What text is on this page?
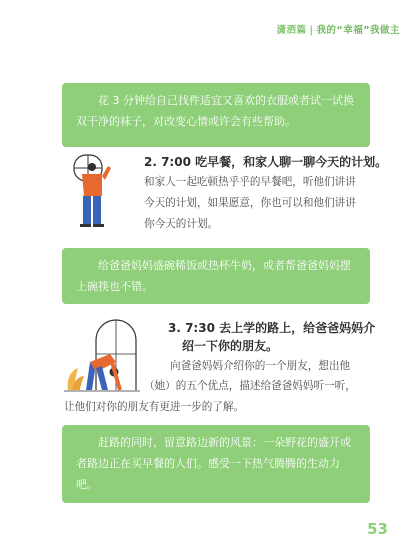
潇洒篇 | 我的“幸福”我做主
花 3 分钟给自己找件适宜又喜欢的衣服或者试一试换双干净的袜子，对改变心情或许会有些帮助。
2. 7:00 吃早餐，和家人聊一聊今天的计划。
和家人一起吃顿热乎乎的早餐吧，听他们讲讲今天的计划，如果愿意，你也可以和他们讲讲你今天的计划。
给爸爸妈妈盛碗稀饭或热杯牛奶，或者帮爸爸妈妈摆上碗筷也不错。
3. 7:30 去上学的路上，给爸爸妈妈介
绍一下你的朋友。
向爸爸妈妈介绍你的一个朋友，想出他
（她）的五个优点，描述给爸爸妈妈听一听，
让他们对你的朋友有更进一步的了解。
赶路的同时，留意路边新的风景：一朵野花的盛开或者路边正在买早餐的人们。感受一下热气腾腾的生动力吧。
53
